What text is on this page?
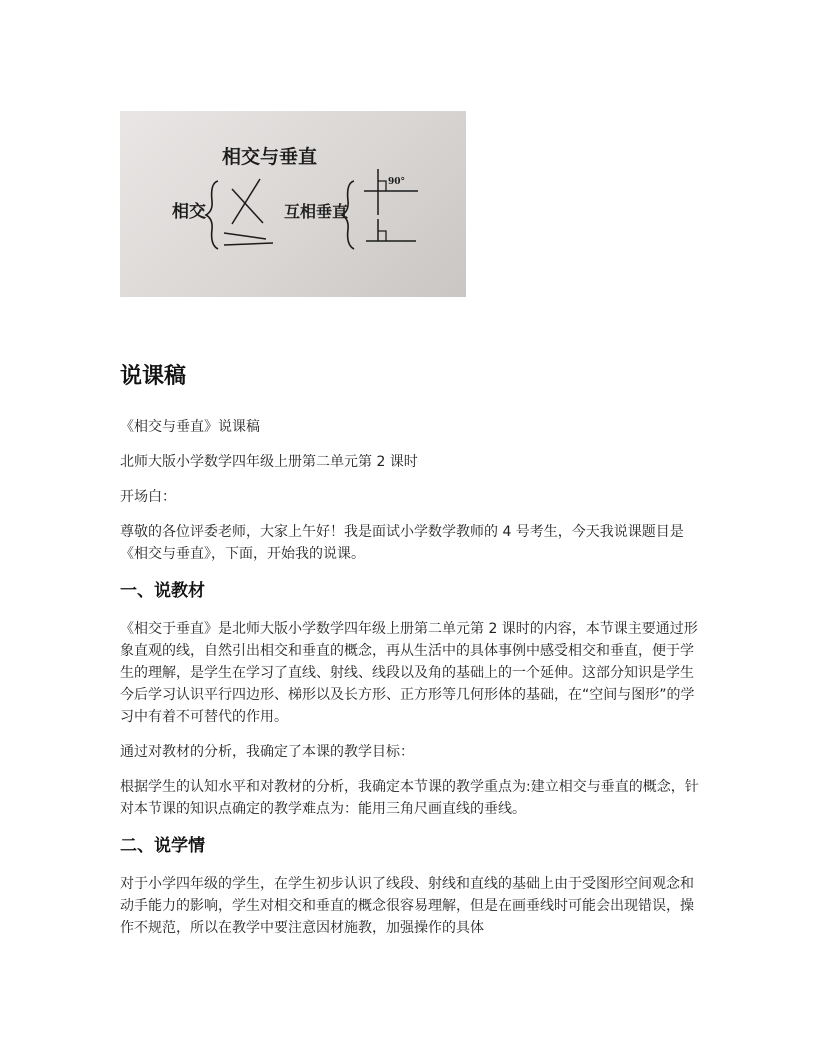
相交与垂直
相交	互相垂直
90°
说课稿

《相交与垂直》说课稿

北师大版小学数学四年级上册第二单元第 2 课时

开场白：

尊敬的各位评委老师，大家上午好！我是面试小学数学教师的 4 号考生，今天我说课题目是《相交与垂直》，下面，开始我的说课。

一、说教材

《相交于垂直》是北师大版小学数学四年级上册第二单元第 2 课时的内容，本节课主要通过形象直观的线，自然引出相交和垂直的概念，再从生活中的具体事例中感受相交和垂直，便于学生的理解，是学生在学习了直线、射线、线段以及角的基础上的一个延伸。这部分知识是学生今后学习认识平行四边形、梯形以及长方形、正方形等几何形体的基础，在“空间与图形”的学习中有着不可替代的作用。

通过对教材的分析，我确定了本课的教学目标：

根据学生的认知水平和对教材的分析，我确定本节课的教学重点为:建立相交与垂直的概念，针对本节课的知识点确定的教学难点为：能用三角尺画直线的垂线。

二、说学情

对于小学四年级的学生，在学生初步认识了线段、射线和直线的基础上由于受图形空间观念和动手能力的影响，学生对相交和垂直的概念很容易理解，但是在画垂线时可能会出现错误，操作不规范，所以在教学中要注意因材施教，加强操作的具体
